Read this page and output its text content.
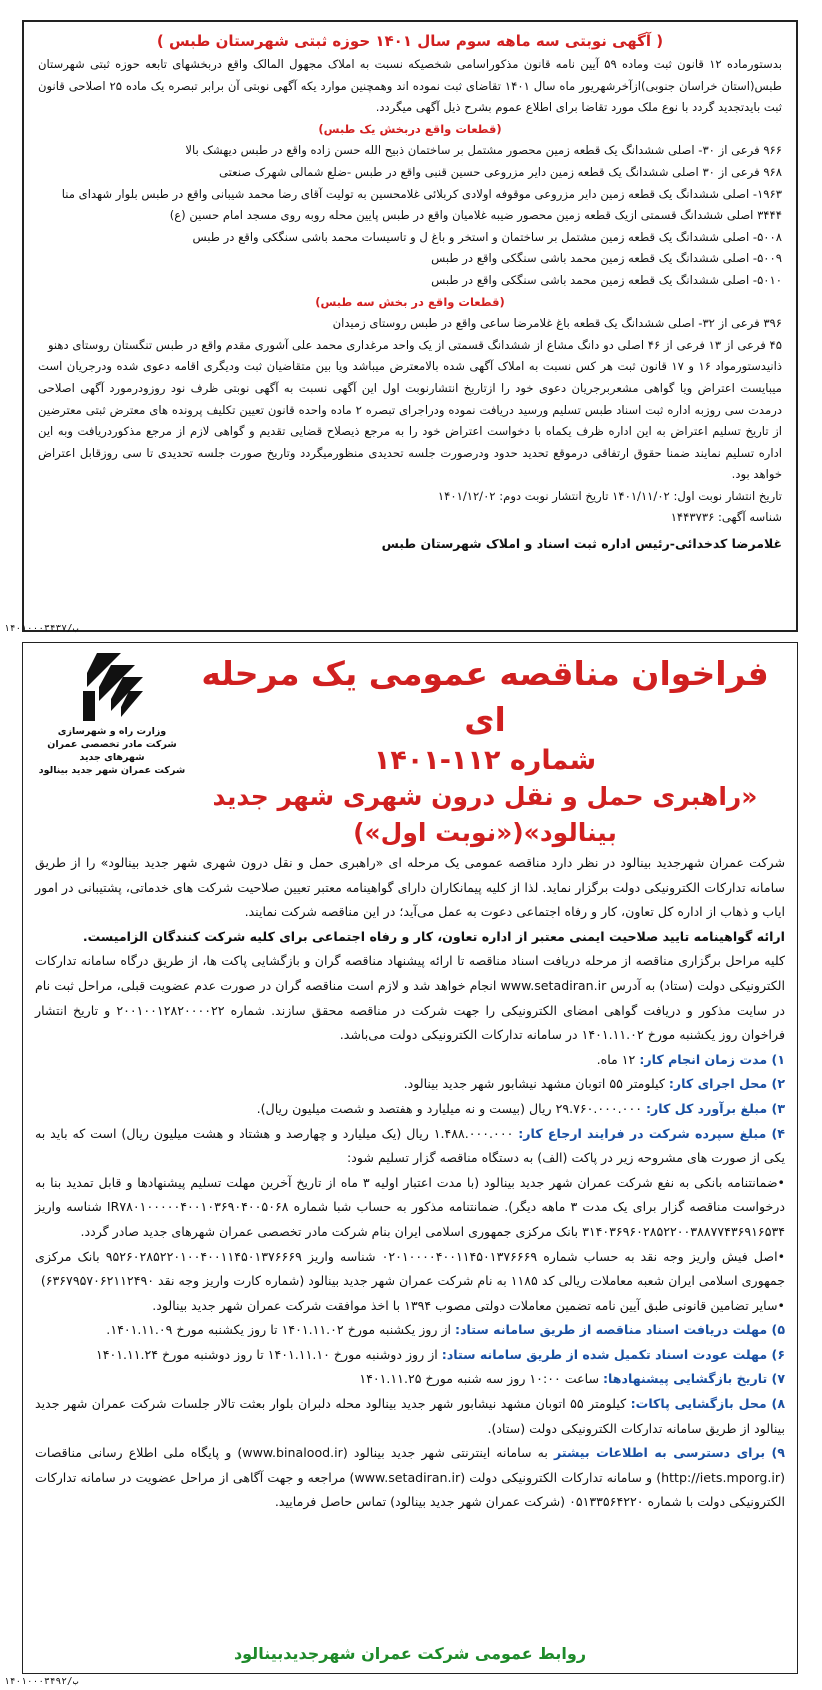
( آگهی نوبتی سه ماهه سوم سال ۱۴۰۱ حوزه ثبتی شهرستان طبس )

بدستورماده ۱۲ قانون ثبت وماده ۵۹ آیین نامه قانون مذکوراسامی شخصیکه نسبت به املاک مجهول المالک واقع دربخشهای تابعه حوزه ثبتی شهرستان طبس(استان خراسان جنوبی)ازآخرشهریور ماه سال ۱۴۰۱ تقاضای ثبت نموده اند وهمچنین موارد یکه آگهی نوبتی آن برابر تبصره یک ماده ۲۵ اصلاحی قانون ثبت بایدتجدید گردد با نوع ملک مورد تقاضا برای اطلاع عموم بشرح ذیل آگهی میگردد.

(قطعات واقع دربخش یک طبس)
۹۶۶ فرعی از ۳۰- اصلی ششدانگ یک قطعه زمین محصور مشتمل بر ساختمان ذبیح الله حسن زاده واقع در طبس دیهشک بالا
۹۶۸ فرعی از ۳۰ اصلی ششدانگ یک قطعه زمین دایر مزروعی حسین قنبی واقع در طبس -ضلع شمالی شهرک صنعتی
۱۹۶۳- اصلی ششدانگ یک قطعه زمین دایر مزروعی موقوفه اولادی کربلائی غلامحسین به تولیت آقای رضا محمد شیبانی واقع در طبس بلوار شهدای منا
۳۴۴۴ اصلی ششدانگ قسمتی ازیک قطعه زمین محصور ضیبه غلامیان واقع در طبس پایین محله روبه روی مسجد امام حسین (ع)
۵۰۰۸- اصلی ششدانگ یک قطعه زمین مشتمل بر ساختمان و استخر و باغ ل و تاسیسات محمد باشی سنگکی واقع در طبس
۵۰۰۹- اصلی ششدانگ یک قطعه زمین محمد باشی سنگکی واقع در طبس
۵۰۱۰- اصلی ششدانگ یک قطعه زمین محمد باشی سنگکی واقع در طبس
(قطعات واقع در بخش سه طبس)
۳۹۶ فرعی از ۳۲- اصلی ششدانگ یک قطعه باغ غلامرضا ساعی واقع در طبس روستای زمیدان

۴۵ فرعی از ۱۳ فرعی از ۴۶ اصلی دو دانگ مشاع از ششدانگ قسمتی از یک واحد مرغداری محمد علی آشوری مقدم واقع در طبس تنگستان روستای دهنو

ذانیدستورمواد ۱۶ و ۱۷ قانون ثبت هر کس نسبت به املاک آگهی شده بالامعترض میباشد ویا بین متقاضیان ثبت وديگری اقامه دعوی شده ودرجریان است میبایست اعتراض ویا گواهی مشعربرجریان دعوی خود را ازتاریخ انتشارنوبت اول این آگهی نسبت به آگهی نوبتی ظرف نود روزودرمورد آگهی اصلاحی درمدت سی روزبه اداره ثبت اسناد طبس تسلیم ورسید دریافت نموده ودراجرای تبصره ۲ ماده واحده قانون تعیین تکلیف پرونده های معترض ثبتی معترضین از تاریخ تسلیم اعتراض به این اداره ظرف یکماه با دخواست اعتراض خود را به مرجع ذیصلاح قضایی تقدیم و گواهی لازم از مرجع مذکوردریافت وبه این اداره تسلیم نمایند ضمنا حقوق ارتفاقی درموقع تحدید حدود ودرصورت جلسه تحدیدی منظورمیگردد وتاریخ صورت جلسه تحدیدی تا سی روزقابل اعتراض خواهد بود.

تاریخ انتشار نوبت اول: ۱۴۰۱/۱۱/۰۲ تاریخ انتشار نوبت دوم: ۱۴۰۱/۱۲/۰۲
شناسه آگهی: ۱۴۴۳۷۳۶
غلامرضا کدخدائی-رئیس اداره ثبت اسناد و املاک شهرستان طبس
ب/۱۴۰۱۰۰۰۳۴۳۷
وزارت راه و شهرسازی
شرکت مادر تخصصی عمران شهرهای جدید
شرکت عمران شهر جدید بینالود
فراخوان مناقصه عمومی یک مرحله ای
شماره ۱۱۲-۱۴۰۱
«راهبری حمل و نقل درون شهری شهر جدید بینالود»(«نوبت اول»)

شرکت عمران شهرجدید بینالود در نظر دارد مناقصه عمومی یک مرحله ای «راهبری حمل و نقل درون شهری شهر جدید بینالود» را از طریق سامانه تدارکات الکترونیکی دولت برگزار نماید. لذا از کلیه پیمانکاران دارای گواهینامه معتبر تعیین صلاحیت شرکت های خدماتی، پشتیبانی در امور ایاب و ذهاب از اداره کل تعاون، کار و رفاه اجتماعی دعوت به عمل می‌آید؛ در این مناقصه شرکت نمایند.

ارائه گواهینامه تایید صلاحیت ایمنی معتبر از اداره تعاون، کار و رفاه اجتماعی برای کلیه شرکت کنندگان الزامیست.

کلیه مراحل برگزاری مناقصه از مرحله دریافت اسناد مناقصه تا ارائه پیشنهاد مناقصه گران و بازگشایی پاکت ها، از طریق درگاه سامانه تدارکات الکترونیکی دولت (ستاد) به آدرس www.setadiran.ir انجام خواهد شد و لازم است مناقصه گران در صورت عدم عضویت قبلی، مراحل ثبت نام در سایت مذکور و دریافت گواهی امضای الکترونیکی را جهت شرکت در مناقصه محقق سازند. شماره ۲۰۰۱۰۰۱۲۸۲۰۰۰۰۲۲ و تاریخ انتشار فراخوان روز یکشنبه مورخ ۱۴۰۱.۱۱.۰۲ در سامانه تدارکات الکترونیکی دولت می‌باشد.

۱) مدت زمان انجام کار: ۱۲ ماه.

۲) محل اجرای کار: کیلومتر ۵۵ اتوبان مشهد نیشابور شهر جدید بینالود.

۳) مبلغ برآورد کل کار: ۲۹.۷۶۰.۰۰۰.۰۰۰ ریال (بیست و نه میلیارد و هفتصد و شصت میلیون ریال).

۴) مبلغ سپرده شرکت در فرایند ارجاع کار: ۱.۴۸۸.۰۰۰.۰۰۰ ریال (یک میلیارد و چهارصد و هشتاد و هشت میلیون ریال) است که باید به یکی از صورت های مشروحه زیر در پاکت (الف) به دستگاه مناقصه گزار تسلیم شود:

•ضمانتنامه بانکی به نفع شرکت عمران شهر جدید بینالود (با مدت اعتبار اولیه ۳ ماه از تاریخ آخرین مهلت تسلیم پیشنهادها و قابل تمدید بنا به درخواست مناقصه گزار برای یک مدت ۳ ماهه دیگر). ضمانتنامه مذکور به حساب شبا شماره IR۷۸۰۱۰۰۰۰۰۴۰۰۱۰۳۶۹۰۴۰۰۵۰۶۸ شناسه واریز ۳۱۴۰۳۶۹۶۰۲۸۵۲۲۰۰۳۸۸۷۷۴۳۶۹۱۶۵۳۴ بانک مرکزی جمهوری اسلامی ایران بنام شرکت مادر تخصصی عمران شهرهای جدید صادر گردد.

•اصل فیش واریز وجه نقد به حساب شماره ۰۲۰۱۰۰۰۰۴۰۰۱۱۴۵۰۱۳۷۶۶۶۹ شناسه واریز ۹۵۲۶۰۲۸۵۲۲۰۱۰۰۴۰۰۱۱۴۵۰۱۳۷۶۶۶۹ بانک مرکزی جمهوری اسلامی ایران شعبه معاملات ریالی کد ۱۱۸۵ به نام شرکت عمران شهر جدید بینالود (شماره کارت واریز وجه نقد ۶۳۶۷۹۵۷۰۶۲۱۱۲۴۹۰)

•سایر تضامین قانونی طبق آیین نامه تضمین معاملات دولتی مصوب ۱۳۹۴ با اخذ موافقت شرکت عمران شهر جدید بینالود.

۵) مهلت دریافت اسناد مناقصه از طریق سامانه ستاد: از روز یکشنبه مورخ ۱۴۰۱.۱۱.۰۲ تا روز یکشنبه مورخ ۱۴۰۱.۱۱.۰۹.

۶) مهلت عودت اسناد تکمیل شده از طریق سامانه ستاد: از روز دوشنبه مورخ ۱۴۰۱.۱۱.۱۰ تا روز دوشنبه مورخ ۱۴۰۱.۱۱.۲۴

۷) تاریخ بازگشایی پیشنهادها: ساعت ۱۰:۰۰ روز سه شنبه مورخ ۱۴۰۱.۱۱.۲۵

۸) محل بازگشایی پاکات: کیلومتر ۵۵ اتوبان مشهد نیشابور شهر جدید بینالود محله دلبران بلوار بعثت تالار جلسات شرکت عمران شهر جدید بینالود از طریق سامانه تدارکات الکترونیکی دولت (ستاد).

۹) برای دسترسی به اطلاعات بیشتر به سامانه اینترنتی شهر جدید بینالود (www.binalood.ir) و پایگاه ملی اطلاع رسانی مناقصات (http://iets.mporg.ir) و سامانه تدارکات الکترونیکی دولت (www.setadiran.ir) مراجعه و جهت آگاهی از مراحل عضویت در سامانه تدارکات الکترونیکی دولت با شماره ۰۵۱۳۳۵۶۴۲۲۰ (شرکت عمران شهر جدید بینالود) تماس حاصل فرمایید.

روابط عمومی شرکت عمران شهرجدیدبینالود
ب/۱۴۰۱۰۰۰۳۴۹۲
